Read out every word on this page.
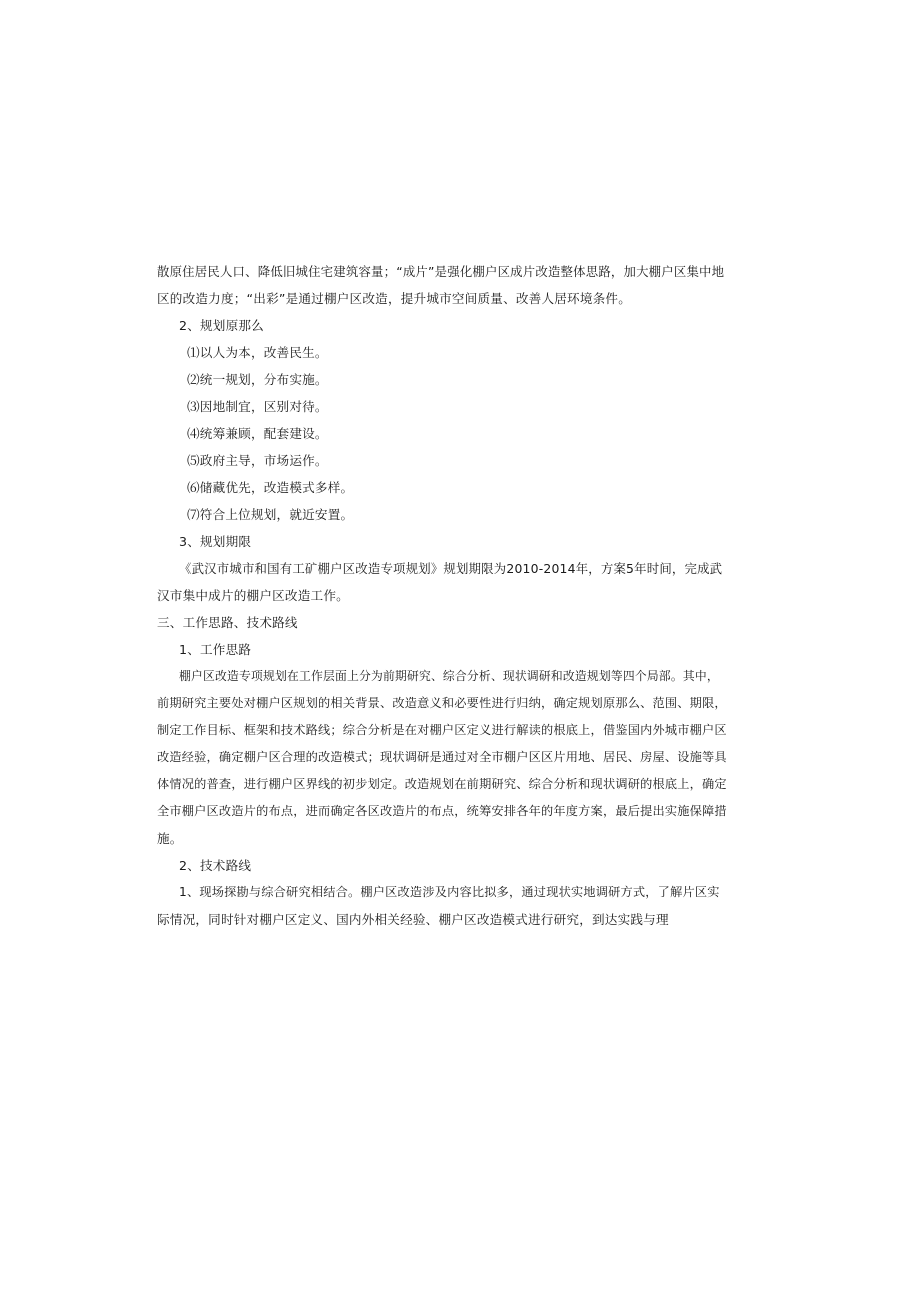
散原住居民人口、降低旧城住宅建筑容量；“成片”是强化棚户区成片改造整体思路，加大棚户区集中地
区的改造力度；“出彩”是通过棚户区改造，提升城市空间质量、改善人居环境条件。
2、规划原那么
⑴以人为本，改善民生。
⑵统一规划，分布实施。
⑶因地制宜，区别对待。
⑷统筹兼顾，配套建设。
⑸政府主导，市场运作。
⑹储藏优先，改造模式多样。
⑺符合上位规划，就近安置。
3、规划期限
《武汉市城市和国有工矿棚户区改造专项规划》规划期限为2010-2014年，方案5年时间，完成武
汉市集中成片的棚户区改造工作。
三、工作思路、技术路线
1、工作思路
棚户区改造专项规划在工作层面上分为前期研究、综合分析、现状调研和改造规划等四个局部。其中，
前期研究主要处对棚户区规划的相关背景、改造意义和必要性进行归纳，确定规划原那么、范围、期限，
制定工作目标、框架和技术路线；综合分析是在对棚户区定义进行解读的根底上，借鉴国内外城市棚户区
改造经验，确定棚户区合理的改造模式；现状调研是通过对全市棚户区区片用地、居民、房屋、设施等具
体情况的普查，进行棚户区界线的初步划定。改造规划在前期研究、综合分析和现状调研的根底上，确定
全市棚户区改造片的布点，进而确定各区改造片的布点，统筹安排各年的年度方案，最后提出实施保障措
施。
2、技术路线
1、现场探勘与综合研究相结合。棚户区改造涉及内容比拟多，通过现状实地调研方式，了解片区实
际情况，同时针对棚户区定义、国内外相关经验、棚户区改造模式进行研究，到达实践与理
